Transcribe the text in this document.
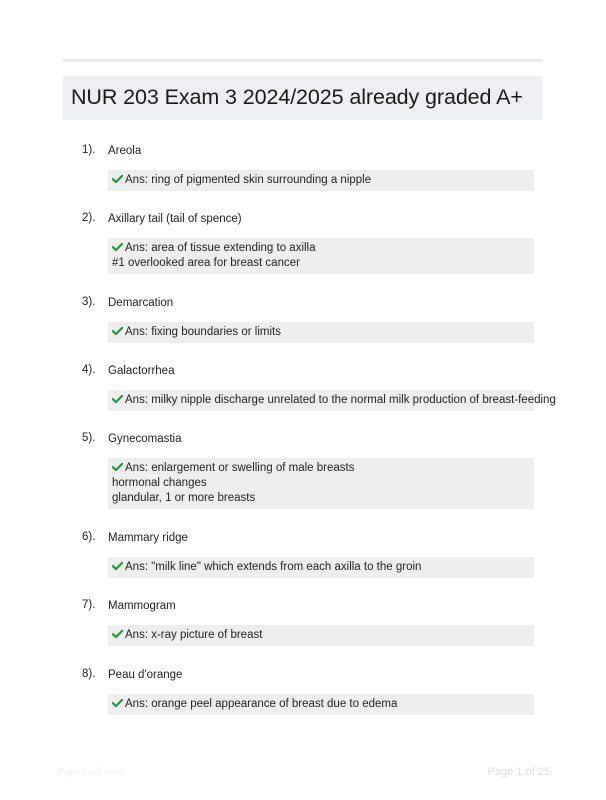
NUR 203 Exam 3 2024/2025 already graded A+
1). Areola
Ans: ring of pigmented skin surrounding a nipple
2). Axillary tail (tail of spence)
Ans: area of tissue extending to axilla
#1 overlooked area for breast cancer
3). Demarcation
Ans: fixing boundaries or limits
4). Galactorrhea
Ans: milky nipple discharge unrelated to the normal milk production of breast-feeding
5). Gynecomastia
Ans: enlargement or swelling of male breasts
hormonal changes
glandular, 1 or more breasts
6). Mammary ridge
Ans: "milk line" which extends from each axilla to the groin
7). Mammogram
Ans: x-ray picture of breast
8). Peau d'orange
Ans: orange peel appearance of breast due to edema
Papertrail.com	Page 1 of 25
